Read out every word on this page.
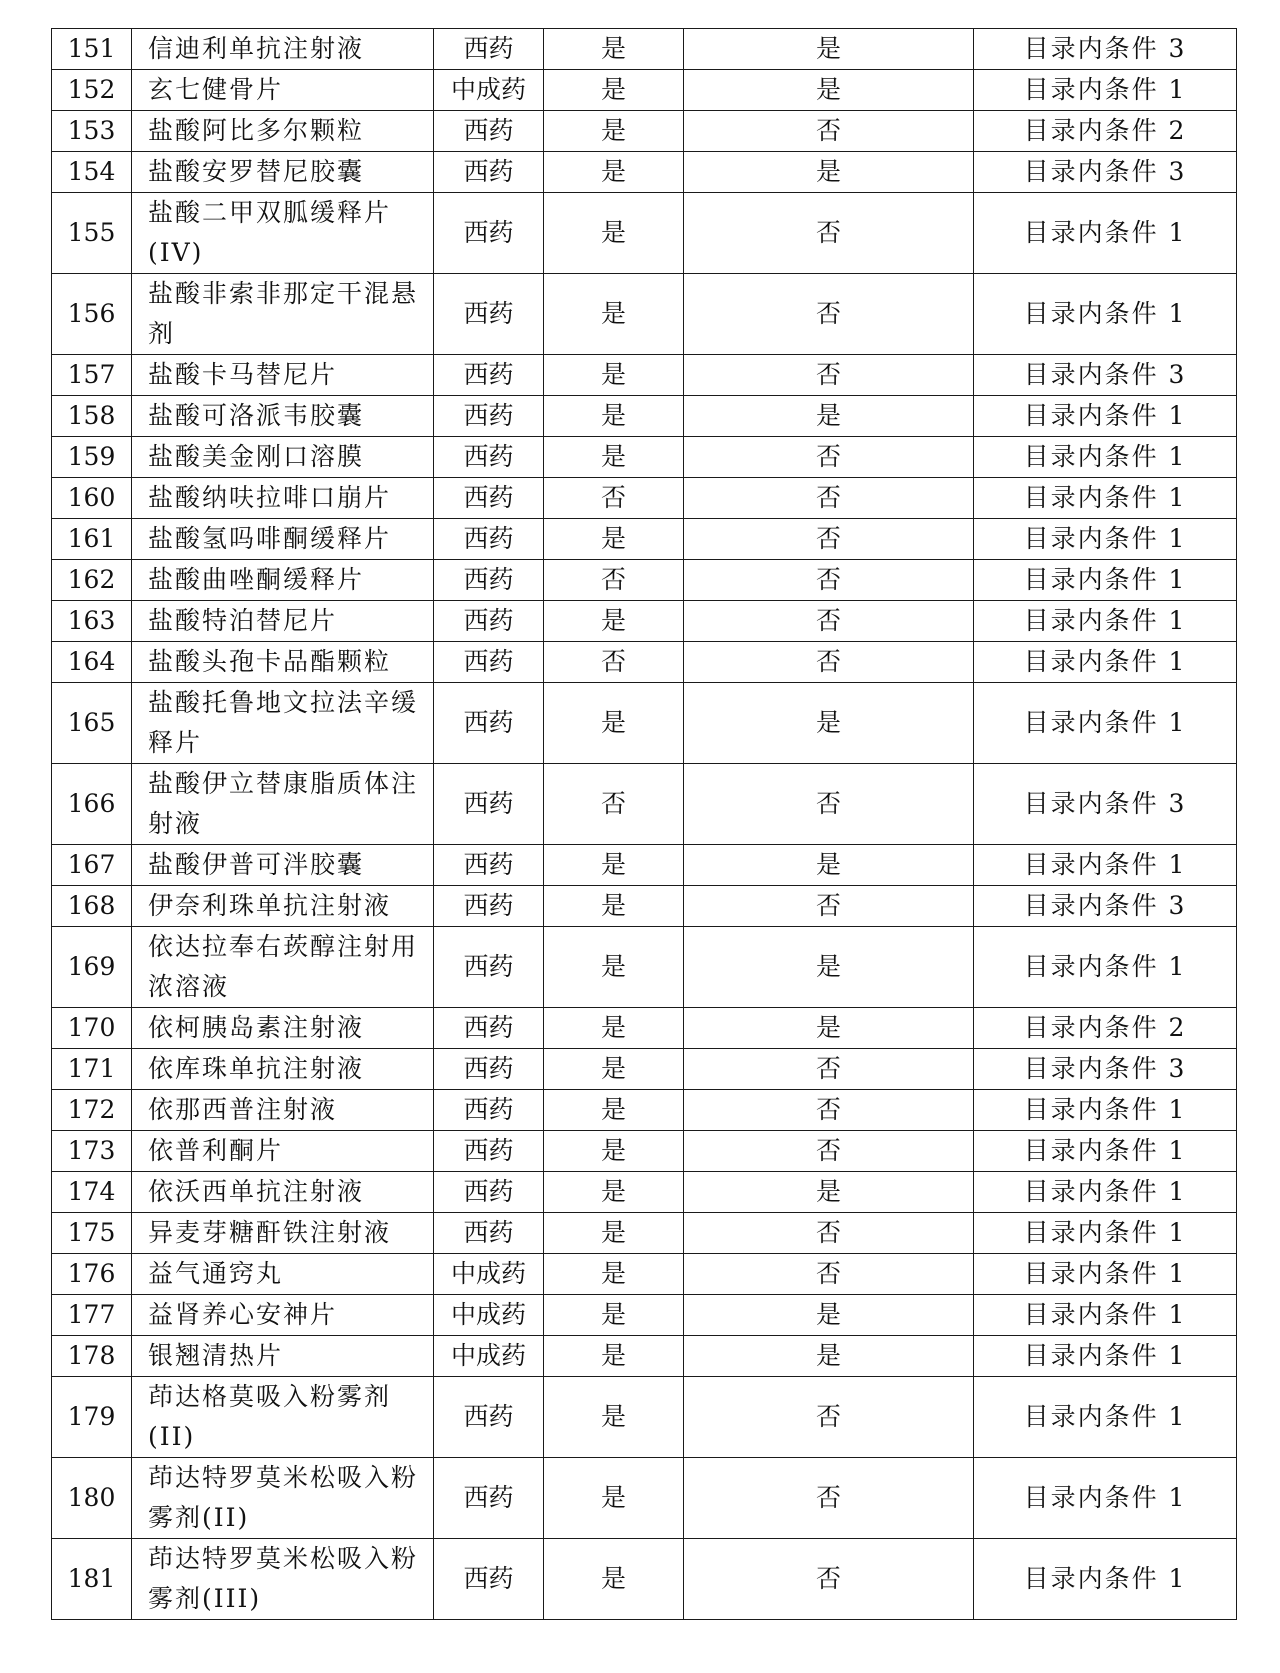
151	信迪利单抗注射液	西药	是	是	目录内条件 3
152	玄七健骨片	中成药	是	是	目录内条件 1
153	盐酸阿比多尔颗粒	西药	是	否	目录内条件 2
154	盐酸安罗替尼胶囊	西药	是	是	目录内条件 3
155	盐酸二甲双胍缓释片(IV)	西药	是	否	目录内条件 1
156	盐酸非索非那定干混悬剂	西药	是	否	目录内条件 1
157	盐酸卡马替尼片	西药	是	否	目录内条件 3
158	盐酸可洛派韦胶囊	西药	是	是	目录内条件 1
159	盐酸美金刚口溶膜	西药	是	否	目录内条件 1
160	盐酸纳呋拉啡口崩片	西药	否	否	目录内条件 1
161	盐酸氢吗啡酮缓释片	西药	是	否	目录内条件 1
162	盐酸曲唑酮缓释片	西药	否	否	目录内条件 1
163	盐酸特泊替尼片	西药	是	否	目录内条件 1
164	盐酸头孢卡品酯颗粒	西药	否	否	目录内条件 1
165	盐酸托鲁地文拉法辛缓释片	西药	是	是	目录内条件 1
166	盐酸伊立替康脂质体注射液	西药	否	否	目录内条件 3
167	盐酸伊普可泮胶囊	西药	是	是	目录内条件 1
168	伊奈利珠单抗注射液	西药	是	否	目录内条件 3
169	依达拉奉右莰醇注射用浓溶液	西药	是	是	目录内条件 1
170	依柯胰岛素注射液	西药	是	是	目录内条件 2
171	依库珠单抗注射液	西药	是	否	目录内条件 3
172	依那西普注射液	西药	是	否	目录内条件 1
173	依普利酮片	西药	是	否	目录内条件 1
174	依沃西单抗注射液	西药	是	是	目录内条件 1
175	异麦芽糖酐铁注射液	西药	是	否	目录内条件 1
176	益气通窍丸	中成药	是	否	目录内条件 1
177	益肾养心安神片	中成药	是	是	目录内条件 1
178	银翘清热片	中成药	是	是	目录内条件 1
179	茚达格莫吸入粉雾剂(II)	西药	是	否	目录内条件 1
180	茚达特罗莫米松吸入粉雾剂(II)	西药	是	否	目录内条件 1
181	茚达特罗莫米松吸入粉雾剂(III)	西药	是	否	目录内条件 1
